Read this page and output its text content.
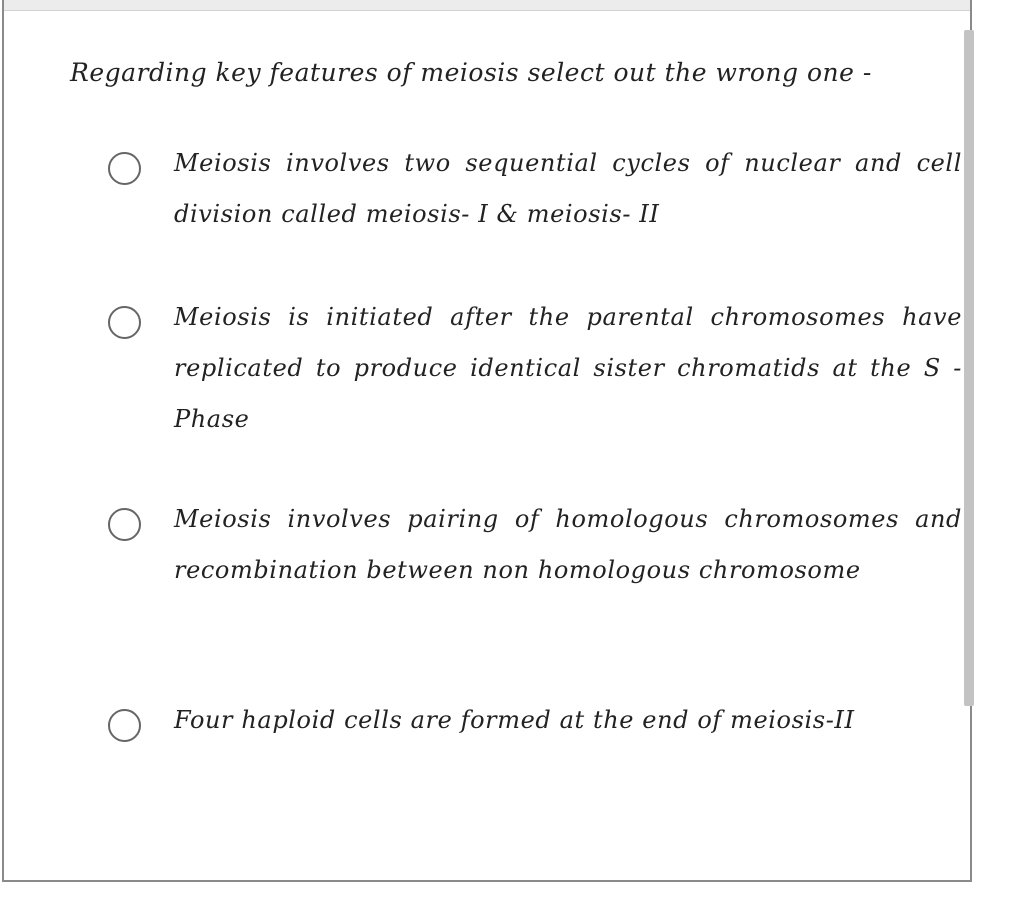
Regarding key features of meiosis select out the wrong one -

Meiosis involves two sequential cycles of nuclear and cell division called meiosis- I & meiosis- II
Meiosis is initiated after the parental chromosomes have replicated to produce identical sister chromatids at the S - Phase
Meiosis involves pairing of homologous chromosomes and recombination between non homologous chromosome
Four haploid cells are formed at the end of meiosis-II
